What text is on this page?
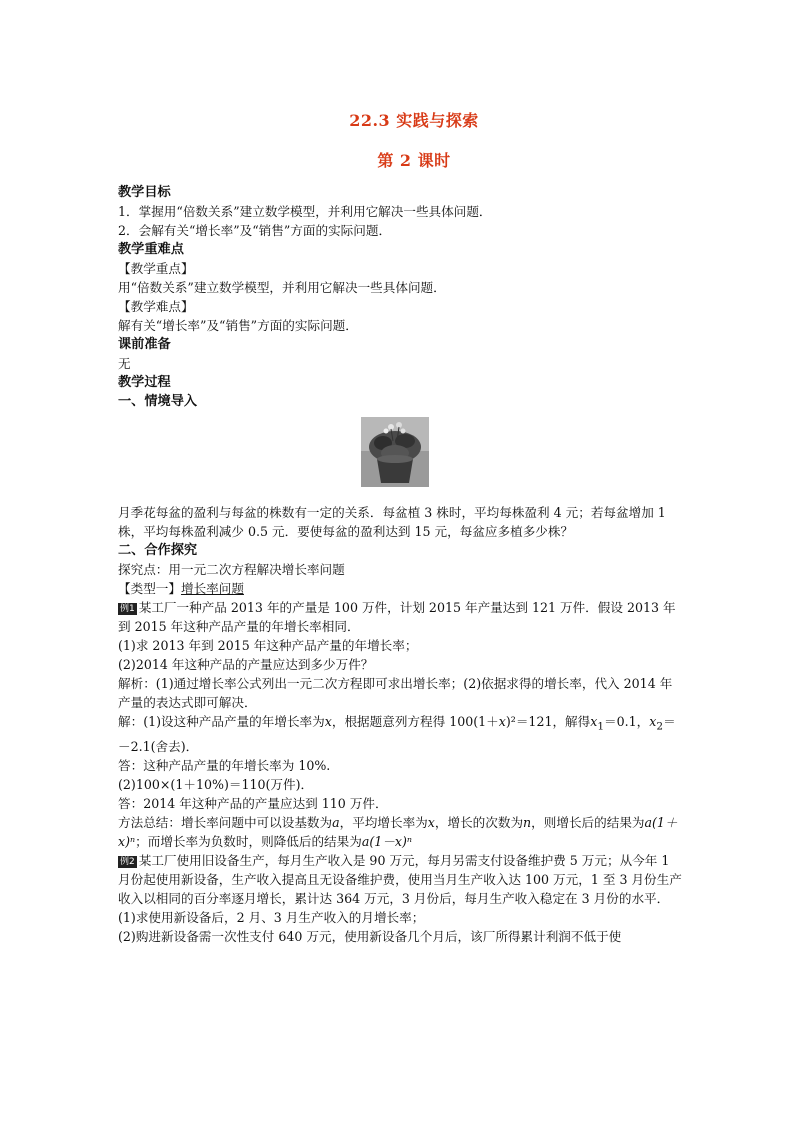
22.3 实践与探索
第 2 课时
教学目标
1．掌握用“倍数关系”建立数学模型，并利用它解决一些具体问题．
2．会解有关“增长率”及“销售”方面的实际问题．
教学重难点
【教学重点】
用“倍数关系”建立数学模型，并利用它解决一些具体问题．
【教学难点】
解有关“增长率”及“销售”方面的实际问题．
课前准备
无
教学过程
一、情境导入
月季花每盆的盈利与每盆的株数有一定的关系．每盆植 3 株时，平均每株盈利 4 元；若每盆增加 1 株，平均每株盈利减少 0.5 元．要使每盆的盈利达到 15 元，每盆应多植多少株？
二、合作探究
探究点：用一元二次方程解决增长率问题
【类型一】增长率问题
例1 某工厂一种产品 2013 年的产量是 100 万件，计划 2015 年产量达到 121 万件．假设 2013 年到 2015 年这种产品产量的年增长率相同．
(1)求 2013 年到 2015 年这种产品产量的年增长率；
(2)2014 年这种产品的产量应达到多少万件？
解析：(1)通过增长率公式列出一元二次方程即可求出增长率；(2)依据求得的增长率，代入 2014 年产量的表达式即可解决．
解：(1)设这种产品产量的年增长率为x，根据题意列方程得 100(1＋x)²＝121，解得$x_1=0.1$，$x_2=-2.1$(舍去)．
答：这种产品产量的年增长率为 10%.
(2)100×(1＋10%)＝110(万件)．
答：2014 年这种产品的产量应达到 110 万件．
方法总结：增长率问题中可以设基数为a，平均增长率为x，增长的次数为n，则增长后的结果为a(1＋x)ⁿ；而增长率为负数时，则降低后的结果为a(1－x)ⁿ
例2 某工厂使用旧设备生产，每月生产收入是 90 万元，每月另需支付设备维护费 5 万元；从今年 1 月份起使用新设备，生产收入提高且无设备维护费，使用当月生产收入达 100 万元，1 至 3 月份生产收入以相同的百分率逐月增长，累计达 364 万元，3 月份后，每月生产收入稳定在 3 月份的水平．
(1)求使用新设备后，2 月、3 月生产收入的月增长率；
(2)购进新设备需一次性支付 640 万元，使用新设备几个月后，该厂所得累计利润不低于使
